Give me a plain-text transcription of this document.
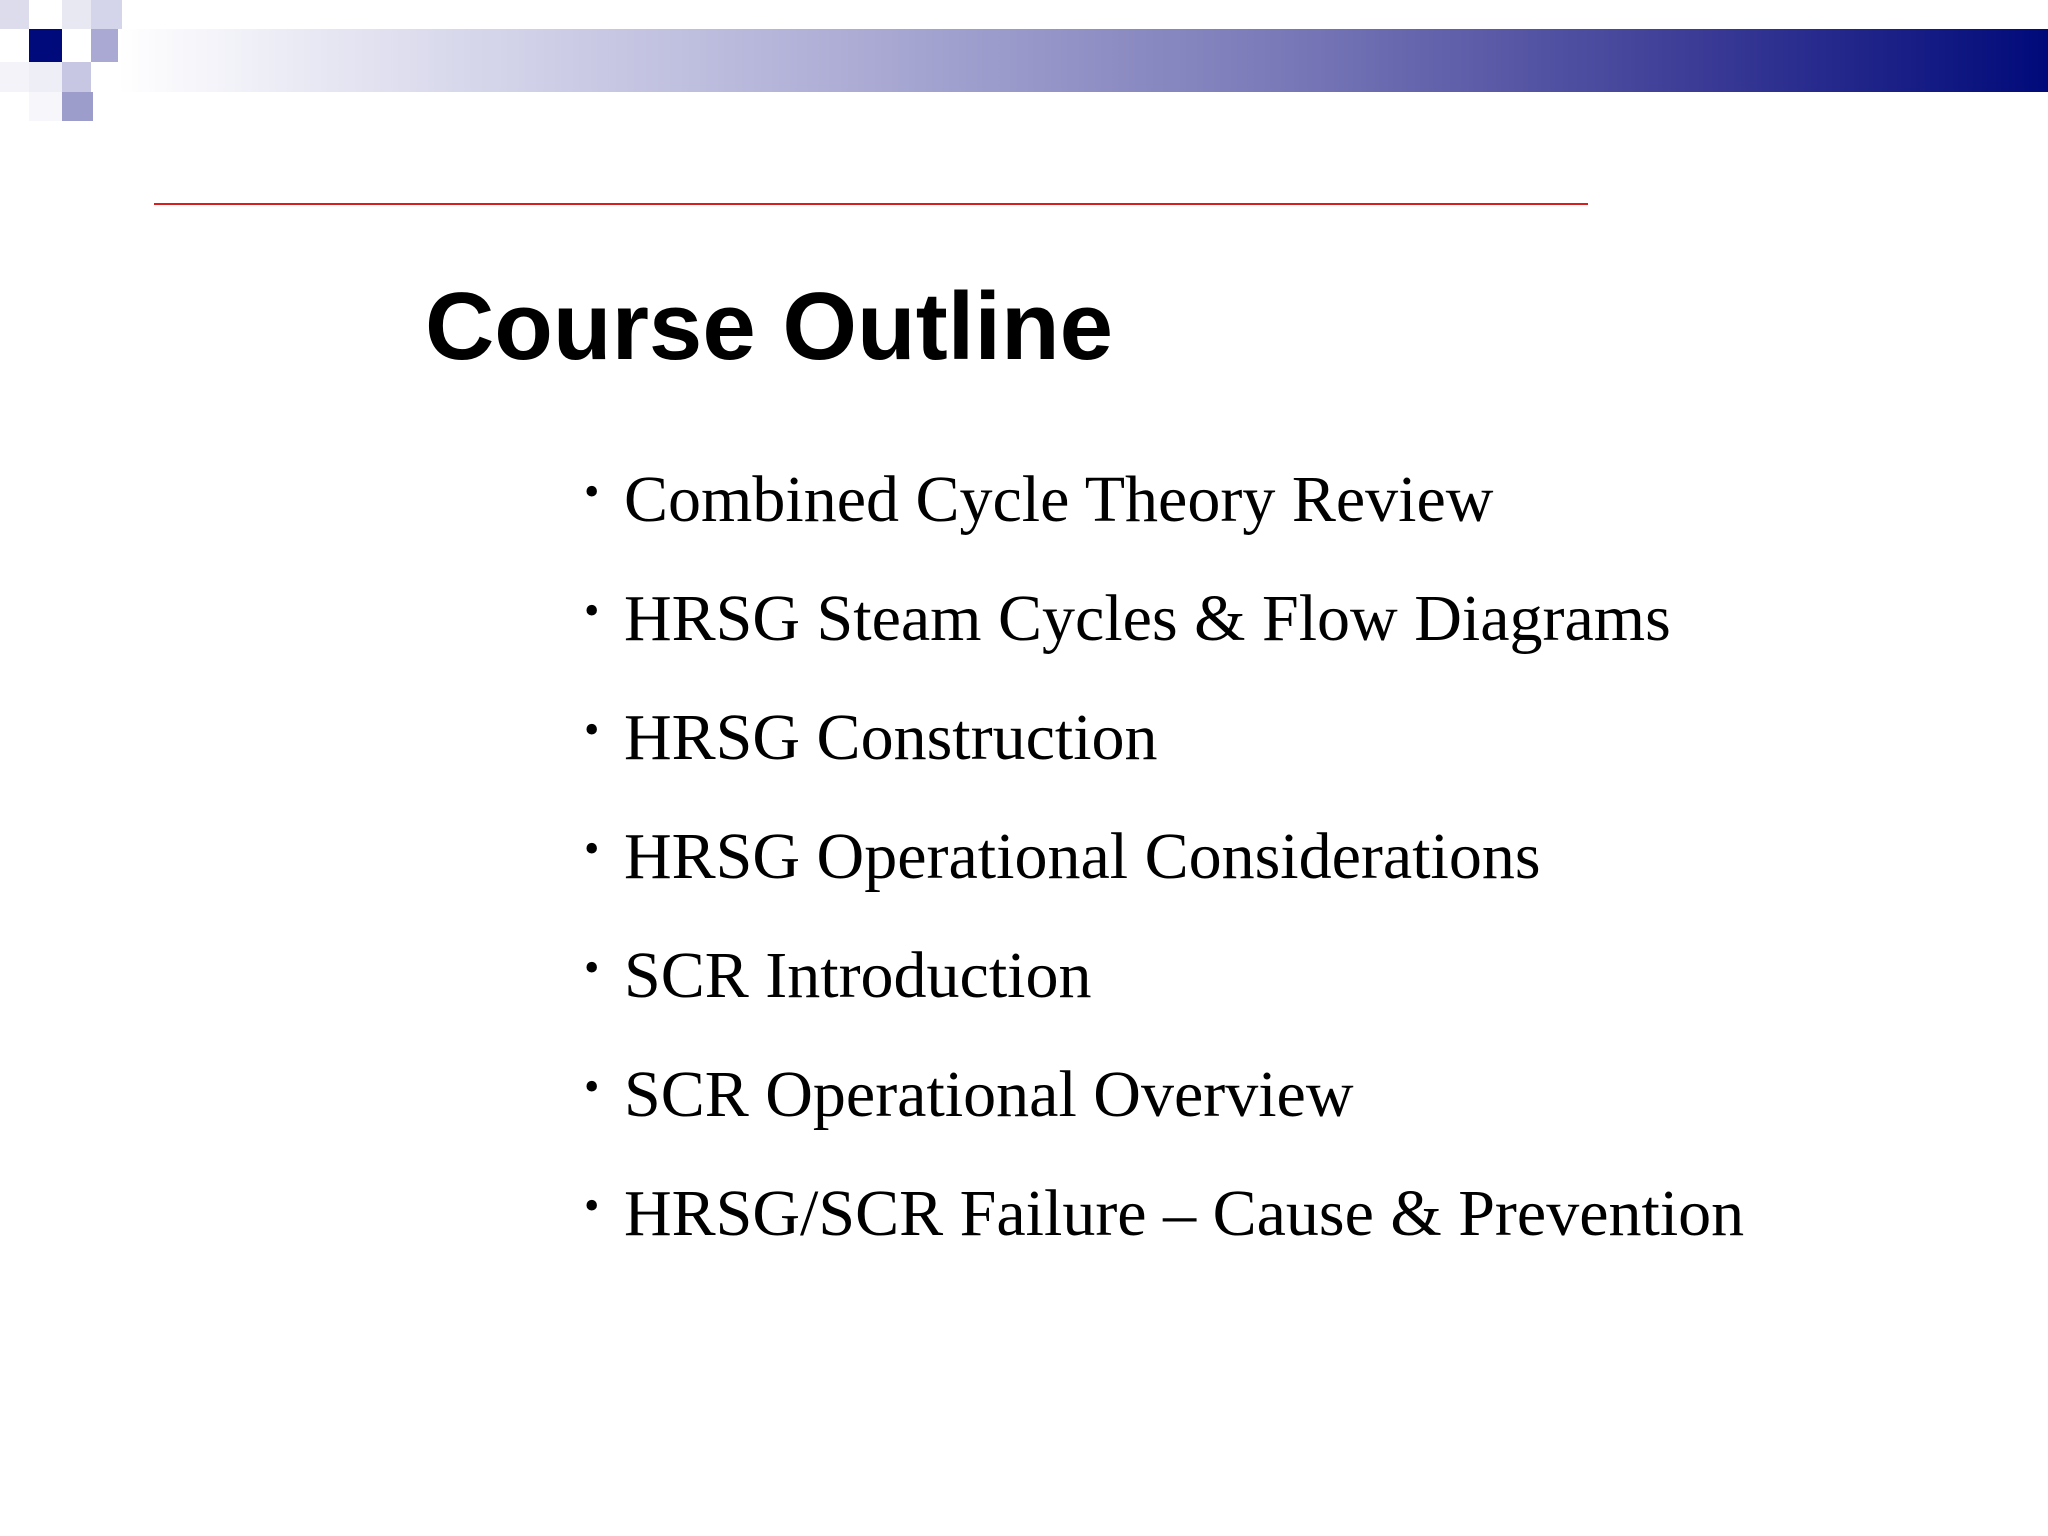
Course Outline
• Combined Cycle Theory Review
• HRSG Steam Cycles & Flow Diagrams
• HRSG Construction
• HRSG Operational Considerations
• SCR Introduction
• SCR Operational Overview
• HRSG/SCR Failure – Cause & Prevention
